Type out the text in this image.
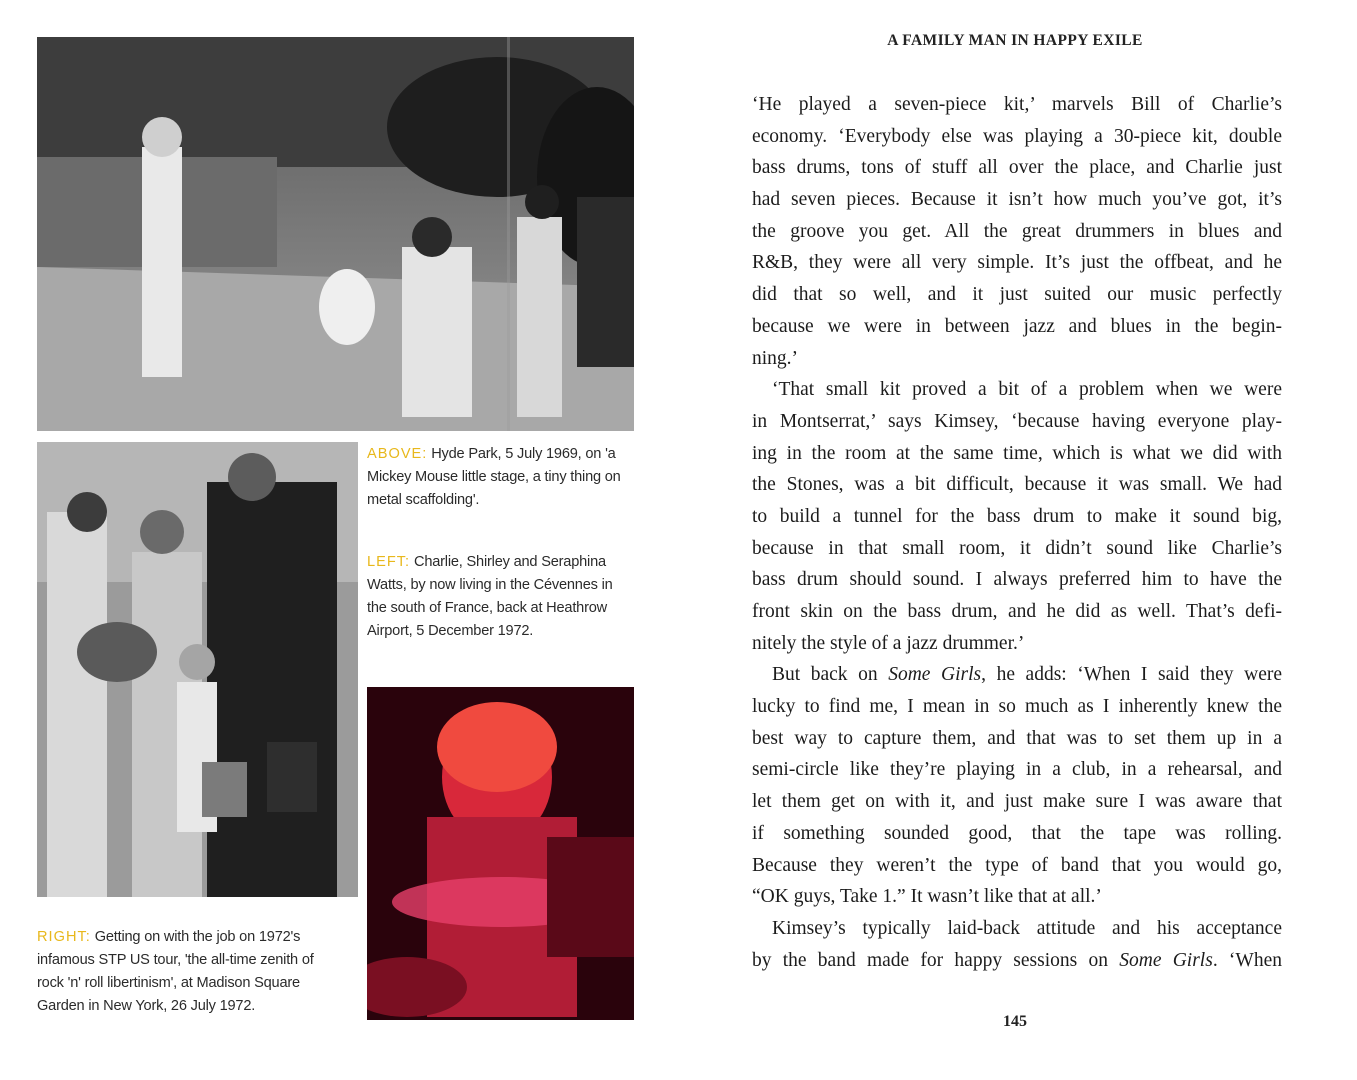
ABOVE: Hyde Park, 5 July 1969, on 'a Mickey Mouse little stage, a tiny thing on metal scaffolding'.
LEFT: Charlie, Shirley and Seraphina Watts, by now living in the Cévennes in the south of France, back at Heathrow Airport, 5 December 1972.
RIGHT: Getting on with the job on 1972's infamous STP US tour, 'the all-time zenith of rock 'n' roll libertinism', at Madison Square Garden in New York, 26 July 1972.
A FAMILY MAN IN HAPPY EXILE
‘He played a seven-piece kit,’ marvels Bill of Charlie’s
economy. ‘Everybody else was playing a 30-piece kit, double
bass drums, tons of stuff all over the place, and Charlie just
had seven pieces. Because it isn’t how much you’ve got, it’s
the groove you get. All the great drummers in blues and
R&B, they were all very simple. It’s just the offbeat, and he
did that so well, and it just suited our music perfectly
because we were in between jazz and blues in the begin-
ning.’
‘That small kit proved a bit of a problem when we were
in Montserrat,’ says Kimsey, ‘because having everyone play-
ing in the room at the same time, which is what we did with
the Stones, was a bit difficult, because it was small. We had
to build a tunnel for the bass drum to make it sound big,
because in that small room, it didn’t sound like Charlie’s
bass drum should sound. I always preferred him to have the
front skin on the bass drum, and he did as well. That’s defi-
nitely the style of a jazz drummer.’
But back on Some Girls, he adds: ‘When I said they were
lucky to find me, I mean in so much as I inherently knew the
best way to capture them, and that was to set them up in a
semi-circle like they’re playing in a club, in a rehearsal, and
let them get on with it, and just make sure I was aware that
if something sounded good, that the tape was rolling.
Because they weren’t the type of band that you would go,
“OK guys, Take 1.” It wasn’t like that at all.’
Kimsey’s typically laid-back attitude and his acceptance
by the band made for happy sessions on Some Girls. ‘When
145
